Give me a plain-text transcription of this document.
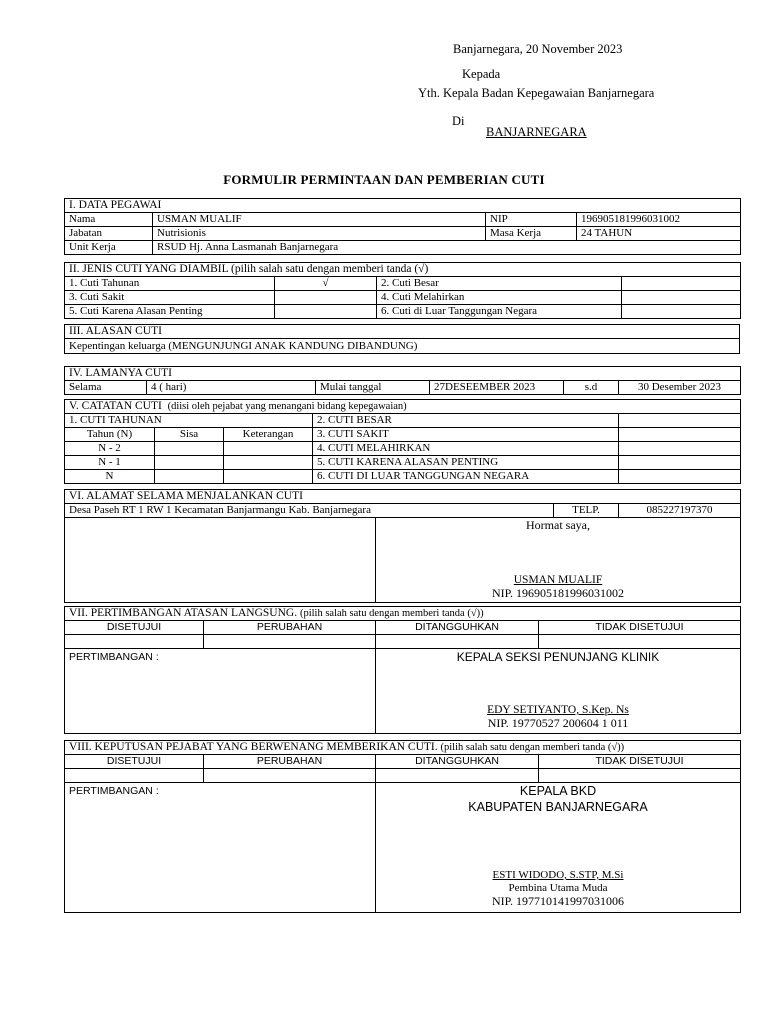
Banjarnegara, 20 November 2023
Kepada
Yth. Kepala Badan Kepegawaian Banjarnegara
Di
BANJARNEGARA
FORMULIR PERMINTAAN DAN PEMBERIAN CUTI
I. DATA PEGAWAI			
Nama	USMAN MUALIF	NIP	196905181996031002
Jabatan	Nutrisionis	Masa Kerja	24 TAHUN
Unit Kerja	RSUD Hj. Anna Lasmanah Banjarnegara		
II. JENIS CUTI YANG DIAMBIL (pilih salah satu dengan memberi tanda (√)			
1. Cuti Tahunan	√	2. Cuti Besar	
3. Cuti Sakit		4. Cuti Melahirkan	
5. Cuti Karena Alasan Penting		6. Cuti di Luar Tanggungan Negara	
III. ALASAN CUTI
Kepentingan keluarga (MENGUNJUNGI ANAK KANDUNG DIBANDUNG)
IV. LAMANYA CUTI
Selama	4 ( hari)	Mulai tanggal	27DESEEMBER 2023	s.d	30 Desember 2023
V. CATATAN CUTI (diisi oleh pejabat yang menangani bidang kepegawaian)				
1. CUTI TAHUNAN			2. CUTI BESAR	
Tahun (N)	Sisa	Keterangan	3. CUTI SAKIT	
N - 2			4. CUTI MELAHIRKAN	
N - 1			5. CUTI KARENA ALASAN PENTING	
N			6. CUTI DI LUAR TANGGUNGAN NEGARA	
VI. ALAMAT SELAMA MENJALANKAN CUTI			
Desa Paseh RT 1 RW 1 Kecamatan Banjarmangu Kab. Banjarnegara		TELP.	085227197370

	Hormat saya,
USMAN MUALIF
NIP. 196905181996031002		
VII. PERTIMBANGAN ATASAN LANGSUNG. (pilih salah satu dengan memberi tanda (√))			
DISETUJUI	PERUBAHAN	DITANGGUHKAN	TIDAK DISETUJUI

PERTIMBANGAN :		KEPALA SEKSI PENUNJANG KLINIK
EDY SETIYANTO, S.Kep. Ns
NIP. 19770527 200604 1 011	
VIII. KEPUTUSAN PEJABAT YANG BERWENANG MEMBERIKAN CUTI. (pilih salah satu dengan memberi tanda (√))			
DISETUJUI	PERUBAHAN	DITANGGUHKAN	TIDAK DISETUJUI

PERTIMBANGAN :		KEPALA BKD
KABUPATEN BANJARNEGARA
ESTI WIDODO, S.STP, M.Si
Pembina Utama Muda
NIP. 197710141997031006	
